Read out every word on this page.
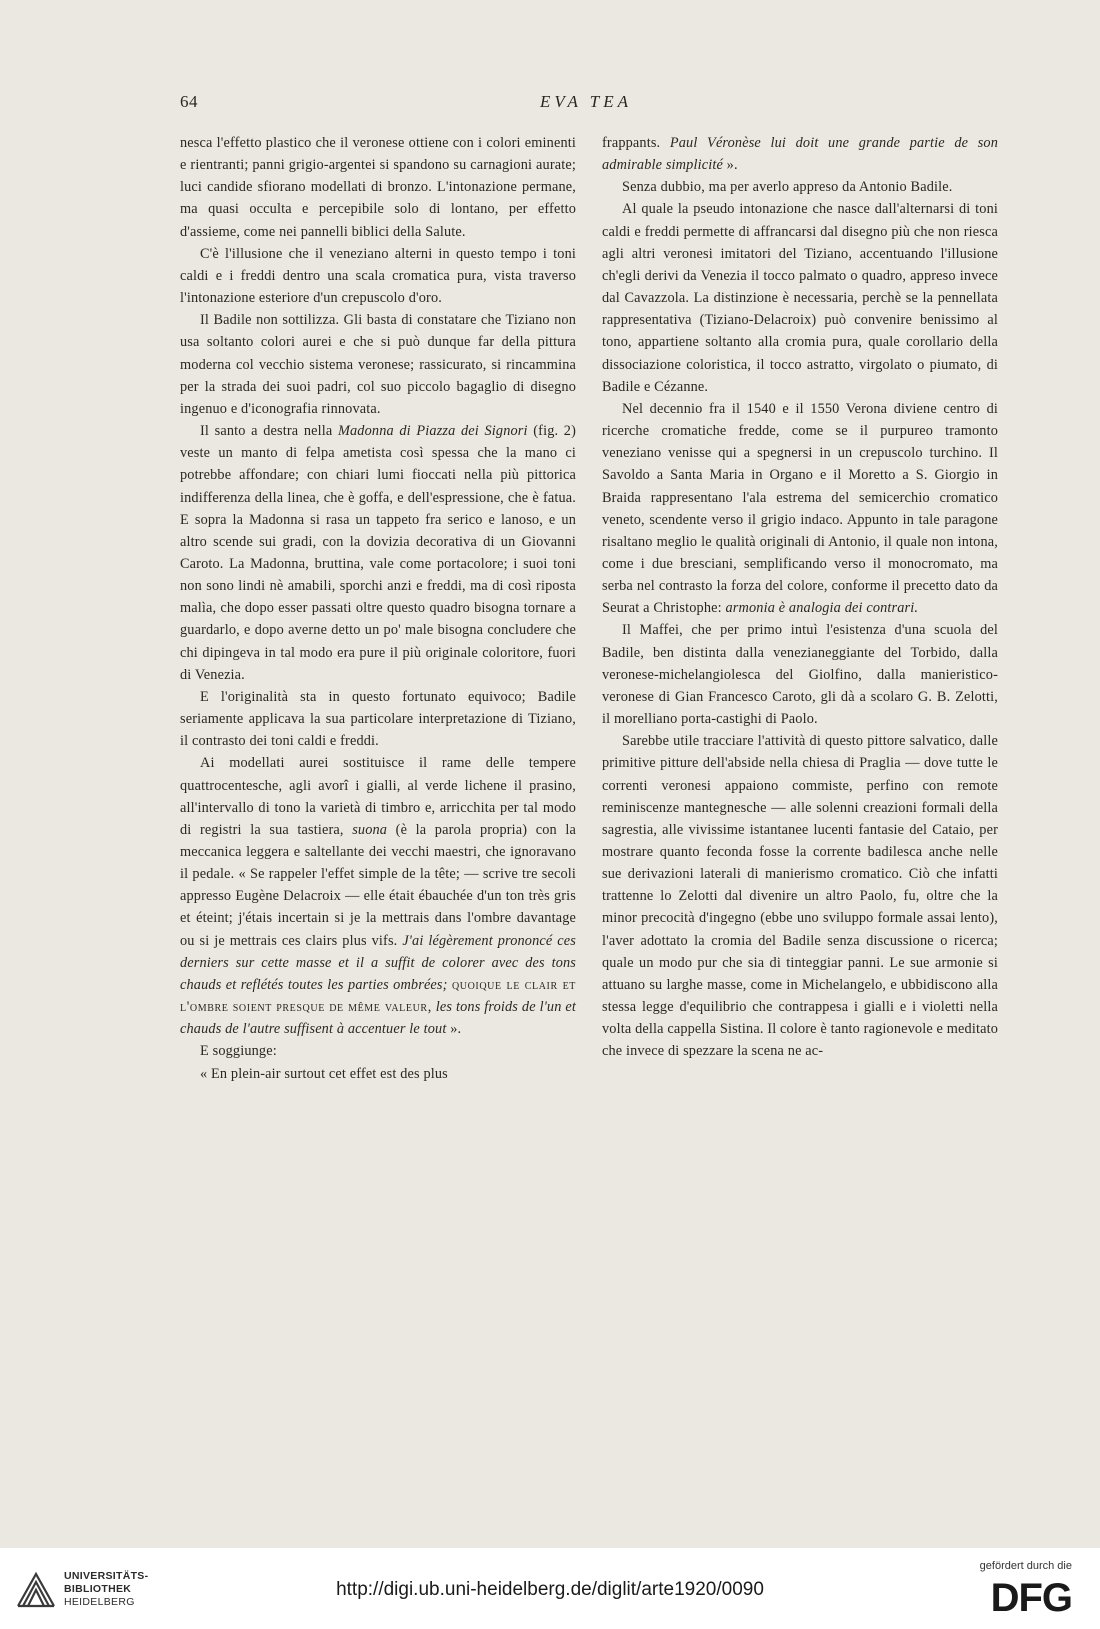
64	EVA TEA

nesca l'effetto plastico che il veronese ottiene con i colori eminenti e rientranti; panni grigio-argentei si spandono su carnagioni aurate; luci candide sfiorano modellati di bronzo. L'intonazione permane, ma quasi occulta e percepibile solo di lontano, per effetto d'assieme, come nei pannelli biblici della Salute.

C'è l'illusione che il veneziano alterni in questo tempo i toni caldi e i freddi dentro una scala cromatica pura, vista traverso l'intonazione esteriore d'un crepuscolo d'oro.

Il Badile non sottilizza. Gli basta di constatare che Tiziano non usa soltanto colori aurei e che si può dunque far della pittura moderna col vecchio sistema veronese; rassicurato, si rincammina per la strada dei suoi padri, col suo piccolo bagaglio di disegno ingenuo e d'iconografia rinnovata.

Il santo a destra nella Madonna di Piazza dei Signori (fig. 2) veste un manto di felpa ametista così spessa che la mano ci potrebbe affondare; con chiari lumi fioccati nella più pittorica indifferenza della linea, che è goffa, e dell'espressione, che è fatua. E sopra la Madonna si rasa un tappeto fra serico e lanoso, e un altro scende sui gradi, con la dovizia decorativa di un Giovanni Caroto. La Madonna, bruttina, vale come portacolore; i suoi toni non sono lindi nè amabili, sporchi anzi e freddi, ma di così riposta malìa, che dopo esser passati oltre questo quadro bisogna tornare a guardarlo, e dopo averne detto un po' male bisogna concludere che chi dipingeva in tal modo era pure il più originale coloritore, fuori di Venezia.

E l'originalità sta in questo fortunato equivoco; Badile seriamente applicava la sua particolare interpretazione di Tiziano, il contrasto dei toni caldi e freddi.

Ai modellati aurei sostituisce il rame delle tempere quattrocentesche, agli avorî i gialli, al verde lichene il prasino, all'intervallo di tono la varietà di timbro e, arricchita per tal modo di registri la sua tastiera, suona (è la parola propria) con la meccanica leggera e saltellante dei vecchi maestri, che ignoravano il pedale. « Se rappeler l'effet simple de la tête; — scrive tre secoli appresso Eugène Delacroix — elle était ébauchée d'un ton très gris et éteint; j'étais incertain si je la mettrais dans l'ombre davantage ou si je mettrais ces clairs plus vifs. J'ai légèrement prononcé ces derniers sur cette masse et il a suffit de colorer avec des tons chauds et reflétés toutes les parties ombrées; quoique le clair et l'ombre soient presque de même valeur, les tons froids de l'un et chauds de l'autre suffisent à accentuer le tout ».

E soggiunge:

« En plein-air surtout cet effet est des plus

frappants. Paul Véronèse lui doit une grande partie de son admirable simplicité ».

Senza dubbio, ma per averlo appreso da Antonio Badile.

Al quale la pseudo intonazione che nasce dall'alternarsi di toni caldi e freddi permette di affrancarsi dal disegno più che non riesca agli altri veronesi imitatori del Tiziano, accentuando l'illusione ch'egli derivi da Venezia il tocco palmato o quadro, appreso invece dal Cavazzola. La distinzione è necessaria, perchè se la pennellata rappresentativa (Tiziano-Delacroix) può convenire benissimo al tono, appartiene soltanto alla cromia pura, quale corollario della dissociazione coloristica, il tocco astratto, virgolato o piumato, di Badile e Cézanne.

Nel decennio fra il 1540 e il 1550 Verona diviene centro di ricerche cromatiche fredde, come se il purpureo tramonto veneziano venisse qui a spegnersi in un crepuscolo turchino. Il Savoldo a Santa Maria in Organo e il Moretto a S. Giorgio in Braida rappresentano l'ala estrema del semicerchio cromatico veneto, scendente verso il grigio indaco. Appunto in tale paragone risaltano meglio le qualità originali di Antonio, il quale non intona, come i due bresciani, semplificando verso il monocromato, ma serba nel contrasto la forza del colore, conforme il precetto dato da Seurat a Christophe: armonia è analogia dei contrari.

Il Maffei, che per primo intuì l'esistenza d'una scuola del Badile, ben distinta dalla venezianeggiante del Torbido, dalla veronese-michelangiolesca del Giolfino, dalla manieristico-veronese di Gian Francesco Caroto, gli dà a scolaro G. B. Zelotti, il morelliano porta-castighi di Paolo.

Sarebbe utile tracciare l'attività di questo pittore salvatico, dalle primitive pitture dell'abside nella chiesa di Praglia — dove tutte le correnti veronesi appaiono commiste, perfino con remote reminiscenze mantegnesche — alle solenni creazioni formali della sagrestia, alle vivissime istantanee lucenti fantasie del Cataio, per mostrare quanto feconda fosse la corrente badilesca anche nelle sue derivazioni laterali di manierismo cromatico. Ciò che infatti trattenne lo Zelotti dal divenire un altro Paolo, fu, oltre che la minor precocità d'ingegno (ebbe uno sviluppo formale assai lento), l'aver adottato la cromia del Badile senza discussione o ricerca; quale un modo pur che sia di tinteggiar panni. Le sue armonie si attuano su larghe masse, come in Michelangelo, e ubbidiscono alla stessa legge d'equilibrio che contrappesa i gialli e i violetti nella volta della cappella Sistina. Il colore è tanto ragionevole e meditato che invece di spezzare la scena ne ac-

UNIVERSITÄTS-
BIBLIOTHEK
HEIDELBERG
http://digi.ub.uni-heidelberg.de/diglit/arte1920/0090
gefördert durch die
DFG
